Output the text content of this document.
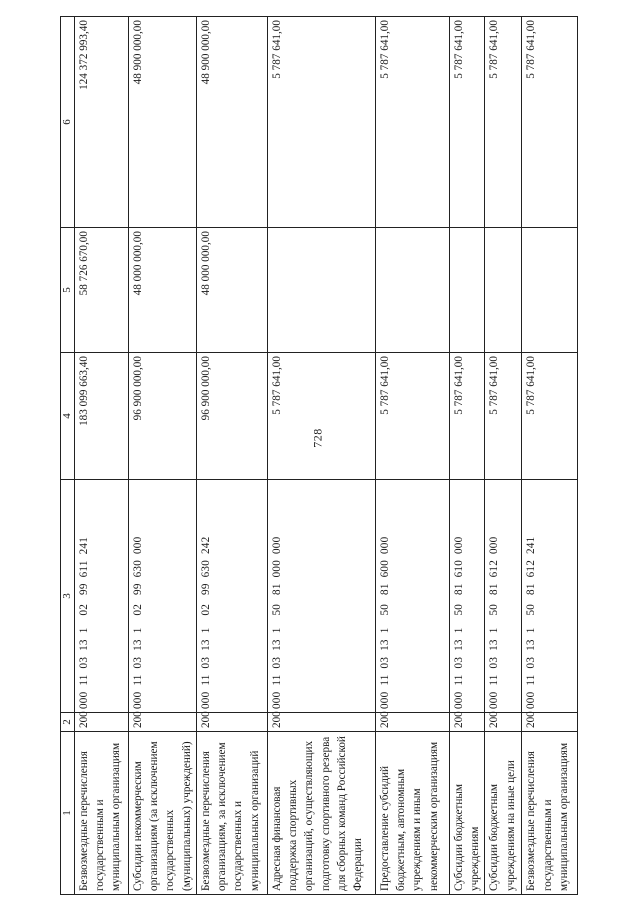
728
1	2	3	4	5	6
Безвозмездные перечисления государственным и муниципальным организациям	200	000  11  03  13  1    02   99  611  241	183 099 663,40	58 726 670,00	124 372 993,40
Субсидии некоммерческим организациям (за исключением государственных (муниципальных) учреждений)	200	000  11  03  13  1    02   99  630  000	96 900 000,00	48 000 000,00	48 900 000,00
Безвозмездные перечисления организациям, за исключением государственных и муниципальных организаций	200	000  11  03  13  1    02   99  630  242	96 900 000,00	48 000 000,00	48 900 000,00
Адресная финансовая поддержка спортивных организаций, осуществляющих подготовку спортивного резерва для сборных команд Российской Федерации	200	000  11  03  13  1    50   81  000  000	5 787 641,00		5 787 641,00
Предоставление субсидий бюджетным, автономным учреждениям и иным некоммерческим организациям	200	000  11  03  13  1    50   81  600  000	5 787 641,00		5 787 641,00
Субсидии бюджетным учреждениям	200	000  11  03  13  1    50   81  610  000	5 787 641,00		5 787 641,00
Субсидии бюджетным учреждениям на иные цели	200	000  11  03  13  1    50   81  612  000	5 787 641,00		5 787 641,00
Безвозмездные перечисления государственным и муниципальным организациям	200	000  11  03  13  1    50   81  612  241	5 787 641,00		5 787 641,00
